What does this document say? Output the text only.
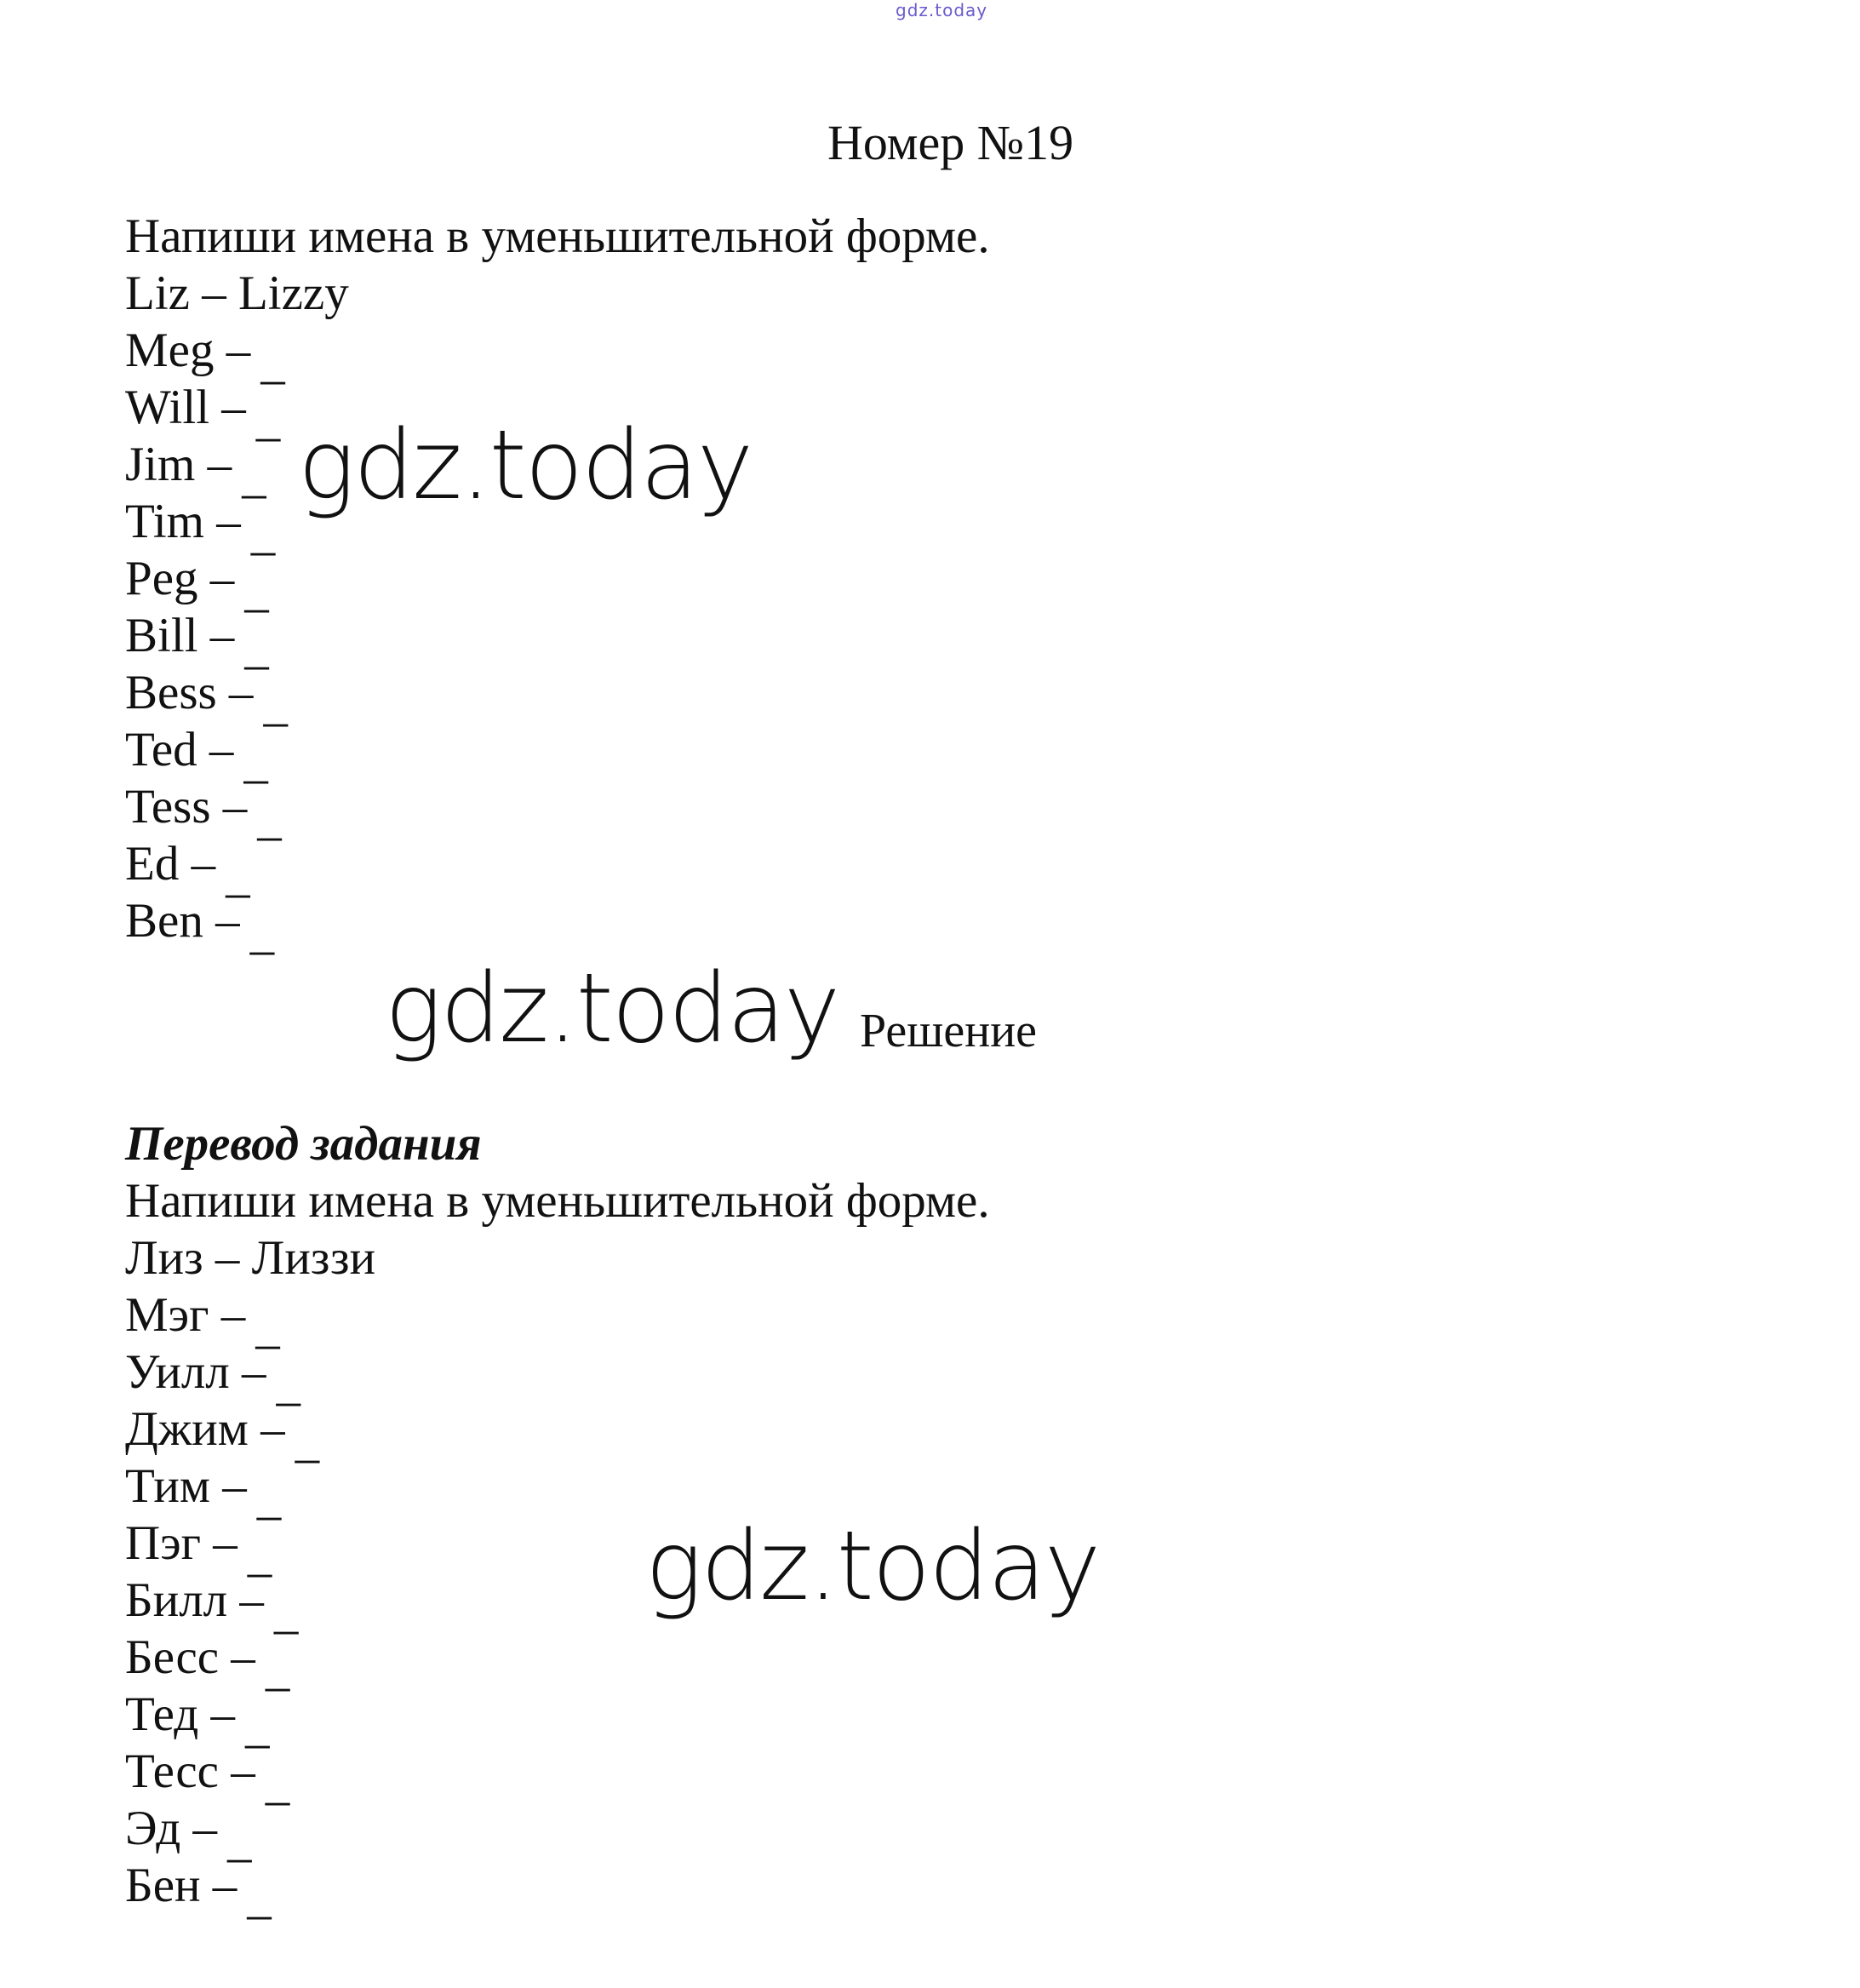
gdz.today
Номер №19
Напиши имена в уменьшительной форме.
Liz – Lizzy
Meg – _
Will – _
Jim – _
Tim – _
Peg – _
Bill – _
Bess – _
Ted – _
Tess – _
Ed – _
Ben – _
Решение
Перевод задания
Напиши имена в уменьшительной форме.
Лиз – Лиззи
Мэг – _
Уилл – _
Джим – _
Тим – _
Пэг – _
Билл – _
Бесс – _
Тед – _
Тесс – _
Эд – _
Бен – _
gdz.today
gdz.today
gdz.today
